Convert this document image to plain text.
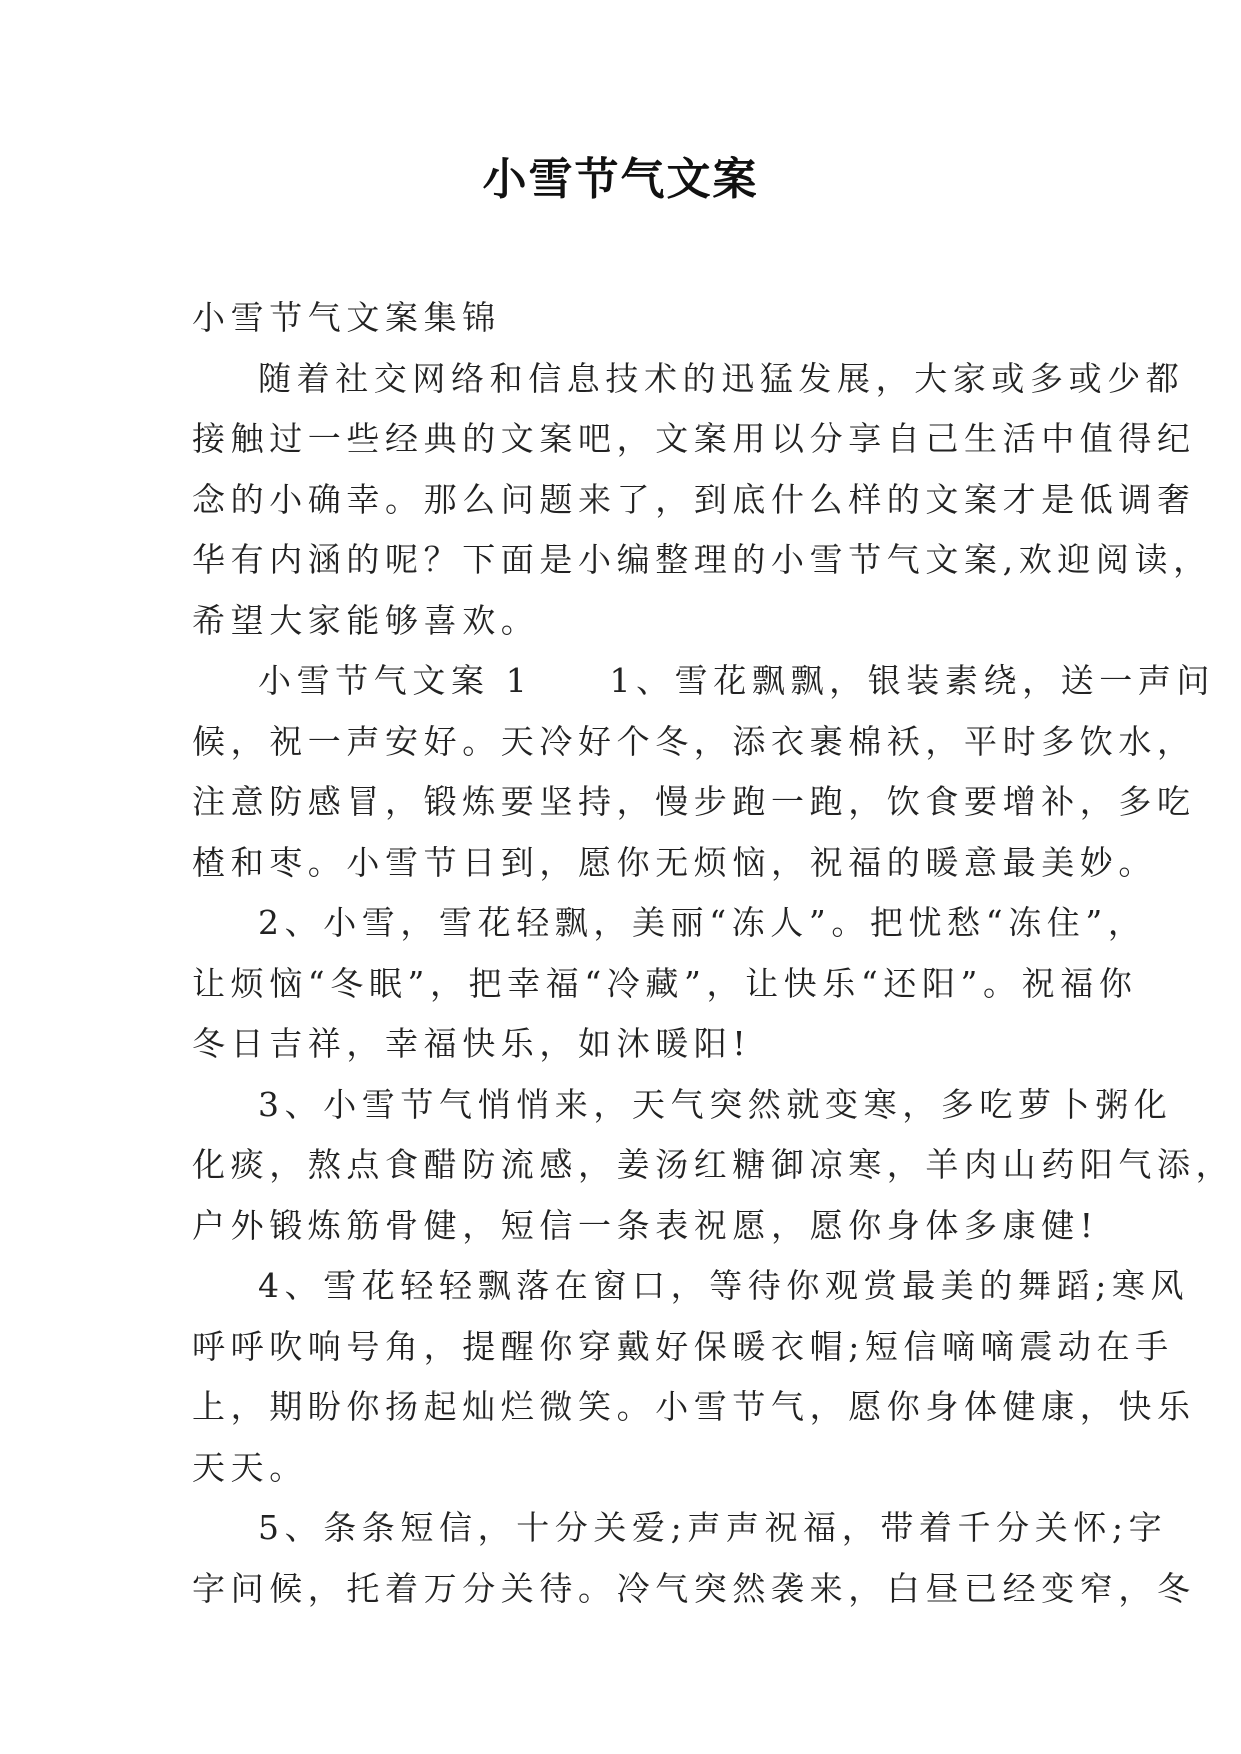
小雪节气文案
小雪节气文案集锦
随着社交网络和信息技术的迅猛发展，大家或多或少都
接触过一些经典的文案吧，文案用以分享自己生活中值得纪
念的小确幸。那么问题来了，到底什么样的文案才是低调奢
华有内涵的呢？下面是小编整理的小雪节气文案,欢迎阅读，
希望大家能够喜欢。
小雪节气文案 1　　1、雪花飘飘，银装素绕，送一声问
候，祝一声安好。天冷好个冬，添衣裹棉袄，平时多饮水，
注意防感冒，锻炼要坚持，慢步跑一跑，饮食要增补，多吃
楂和枣。小雪节日到，愿你无烦恼，祝福的暖意最美妙。
2、小雪，雪花轻飘，美丽“冻人”。把忧愁“冻住”，
让烦恼“冬眠”，把幸福“冷藏”，让快乐“还阳”。祝福你
冬日吉祥，幸福快乐，如沐暖阳!
3、小雪节气悄悄来，天气突然就变寒，多吃萝卜粥化
化痰，熬点食醋防流感，姜汤红糖御凉寒，羊肉山药阳气添，
户外锻炼筋骨健，短信一条表祝愿，愿你身体多康健!
4、雪花轻轻飘落在窗口，等待你观赏最美的舞蹈;寒风
呼呼吹响号角，提醒你穿戴好保暖衣帽;短信嘀嘀震动在手
上，期盼你扬起灿烂微笑。小雪节气，愿你身体健康，快乐
天天。
5、条条短信，十分关爱;声声祝福，带着千分关怀;字
字问候，托着万分关待。冷气突然袭来，白昼已经变窄，冬
